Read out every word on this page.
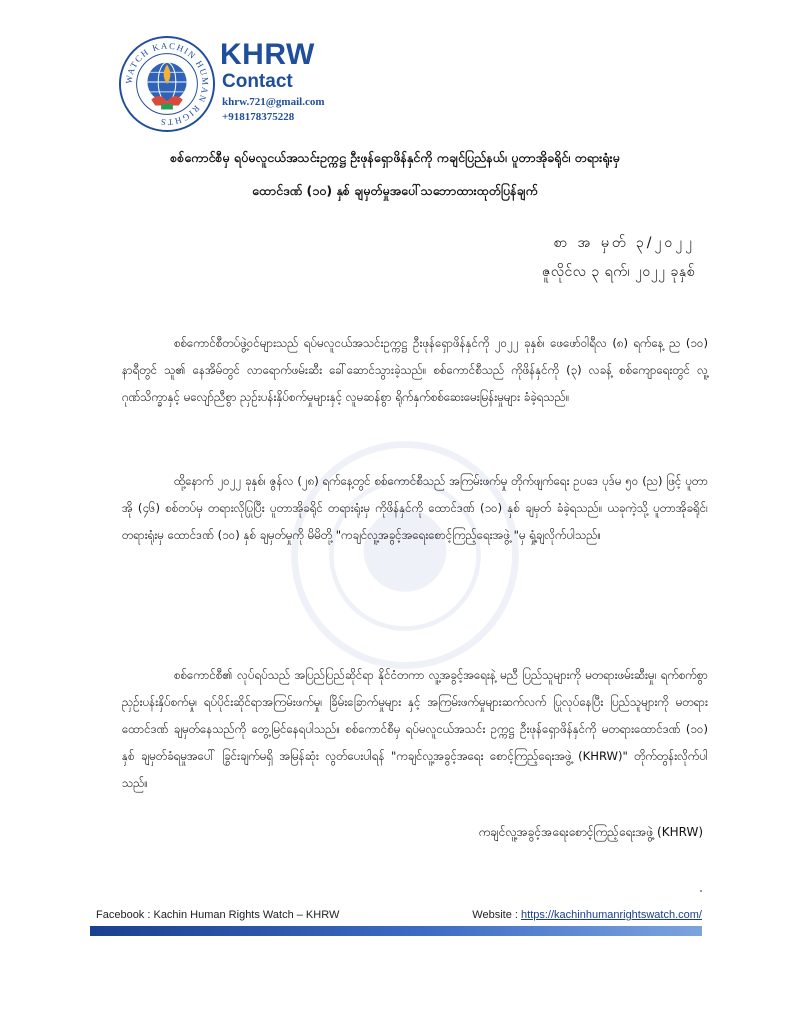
WATCH KACHIN HUMAN RIGHTS
KHRW
Contact
khrw.721@gmail.com
+918178375228
စစ်ကောင်စီမှ ရပ်မလူငယ်အသင်းဥက္ကဋ္ဌ ဦးဖုန်ရှောဖိန်နှင်ကို ကချင်ပြည်နယ်၊ ပူတာအိုခရိုင်၊ တရားရုံးမှ
ထောင်ဒဏ် (၁၀) နှစ် ချမှတ်မှုအပေါ်သဘောထားထုတ်ပြန်ချက်
စာ အ မှတ် ၃/၂၀၂၂
ဇူလိုင်လ ၃ ရက်၊ ၂၀၂၂ ခုနှစ်

စစ်ကောင်စီတပ်ဖွဲ့ဝင်များသည် ရပ်မလူငယ်အသင်းဥက္ကဋ္ဌ ဦးဖုန်ရှောဖိန်နှင်ကို ၂၀၂၂ ခုနှစ်၊ ဖေဖော်ဝါရီလ (၈) ရက်နေ့ ည (၁၀) နာရီတွင် သူ၏ နေအိမ်တွင် လာရောက်ဖမ်းဆီး ခေါ်ဆောင်သွားခဲ့သည်။ စစ်ကောင်စီသည် ကိုဖိန်နှင်ကို (၃) လခန့် စစ်ကျောရေးတွင် လူ့ဂုဏ်သိက္ခာနှင့် မလျော်ညီစွာ ညှဉ်းပန်းနှိပ်စက်မှုများနှင့် လူမဆန်စွာ ရိုက်နှက်စစ်ဆေးမေးမြန်းမှုများ ခံခဲ့ရသည်။

ထို့နောက် ၂၀၂၂ ခုနှစ်၊ ဇွန်လ (၂၈) ရက်နေ့တွင် စစ်ကောင်စီသည် အကြမ်းဖက်မှု တိုက်ဖျက်ရေး ဥပဒေ ပုဒ်မ ၅၀ (ည) ဖြင့် ပူတာအို (၄၆) စစ်တပ်မှ တရားလိုပြုပြီး ပူတာအိုခရိုင် တရားရုံးမှ ကိုဖိန်နှင်ကို ထောင်ဒဏ် (၁၀) နှစ် ချမှတ် ခံခဲ့ရသည်။ ယခုကဲ့သို့ ပူတာအိုခရိုင်၊ တရားရုံးမှ ထောင်ဒဏ် (၁၀) နှစ် ချမှတ်မှုကို မိမိတို့ "ကချင်လူ့အခွင့်အရေးစောင့်ကြည့်ရေးအဖွဲ့ "မှ ရှုံ့ချလိုက်ပါသည်။

စစ်ကောင်စီ၏ လုပ်ရပ်သည် အပြည်ပြည်ဆိုင်ရာ နိုင်ငံတကာ လူ့အခွင့်အရေးနဲ့ မညီ ပြည်သူများကို မတရားဖမ်းဆီးမှု၊ ရက်စက်စွာ ညှဉ်းပန်းနှိပ်စက်မှု၊ ရပ်ပိုင်းဆိုင်ရာအကြမ်းဖက်မှု၊ ခြိမ်းခြောက်မှုများ နှင့် အကြမ်းဖက်မှုများဆက်လက် ပြုလုပ်နေပြီး ပြည်သူများကို မတရားထောင်ဒဏ် ချမှတ်နေသည်ကို တွေ့မြင်နေရပါသည်။ စစ်ကောင်စီမှ ရပ်မလူငယ်အသင်း ဥက္ကဋ္ဌ ဦးဖုန်ရှောဖိန်နှင်ကို မတရားထောင်ဒဏ် (၁၀) နှစ် ချမှတ်ခံရမှုအပေါ် ခြွင်းချက်မရှိ အမြန်ဆုံး လွတ်ပေးပါရန် "ကချင်လူ့အခွင့်အရေး စောင့်ကြည့်ရေးအဖွဲ့ (KHRW)" တိုက်တွန်းလိုက်ပါသည်။

ကချင်လူ့အခွင့်အရေးစောင့်ကြည့်ရေးအဖွဲ့ (KHRW)
Facebook : Kachin Human Rights Watch – KHRW	Website : https://kachinhumanrightswatch.com/
